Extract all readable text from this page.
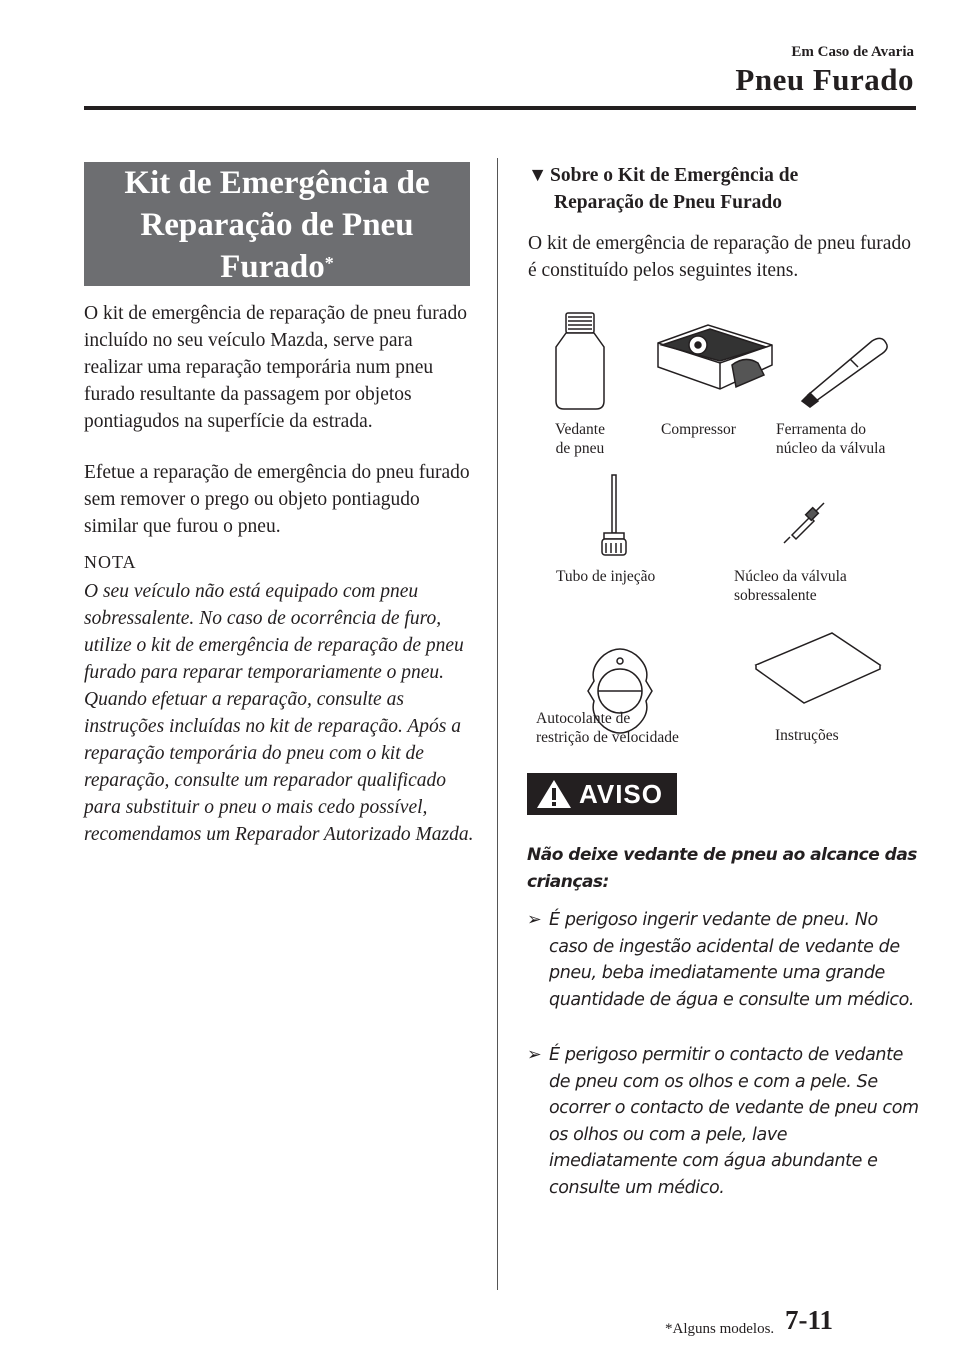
Em Caso de Avaria
Pneu Furado
Kit de Emergência de
Reparação de Pneu
Furado*
O kit de emergência de reparação de pneu furado incluído no seu veículo Mazda, serve para realizar uma reparação temporária num pneu furado resultante da passagem por objetos pontiagudos na superfície da estrada.
Efetue a reparação de emergência do pneu furado sem remover o prego ou objeto pontiagudo similar que furou o pneu.
NOTA
O seu veículo não está equipado com pneu sobressalente. No caso de ocorrência de furo, utilize o kit de emergência de reparação de pneu furado para reparar temporariamente o pneu. Quando efetuar a reparação, consulte as instruções incluídas no kit de reparação. Após a reparação temporária do pneu com o kit de reparação, consulte um reparador qualificado para substituir o pneu o mais cedo possível, recomendamos um Reparador Autorizado Mazda.
▼ Sobre o Kit de Emergência de
Reparação de Pneu Furado
O kit de emergência de reparação de pneu furado é constituído pelos seguintes itens.
Vedante
de pneu
Compressor	Ferramenta do
núcleo da válvula
Tubo de injeção	Núcleo da válvula
sobressalente
Autocolante de
restrição de velocidade	Instruções
AVISO
Não deixe vedante de pneu ao alcance das crianças:
➢ É perigoso ingerir vedante de pneu. No caso de ingestão acidental de vedante de pneu, beba imediatamente uma grande quantidade de água e consulte um médico.
➢ É perigoso permitir o contacto de vedante de pneu com os olhos e com a pele. Se ocorrer o contacto de vedante de pneu com os olhos ou com a pele, lave imediatamente com água abundante e consulte um médico.
*Alguns modelos. 7-11
